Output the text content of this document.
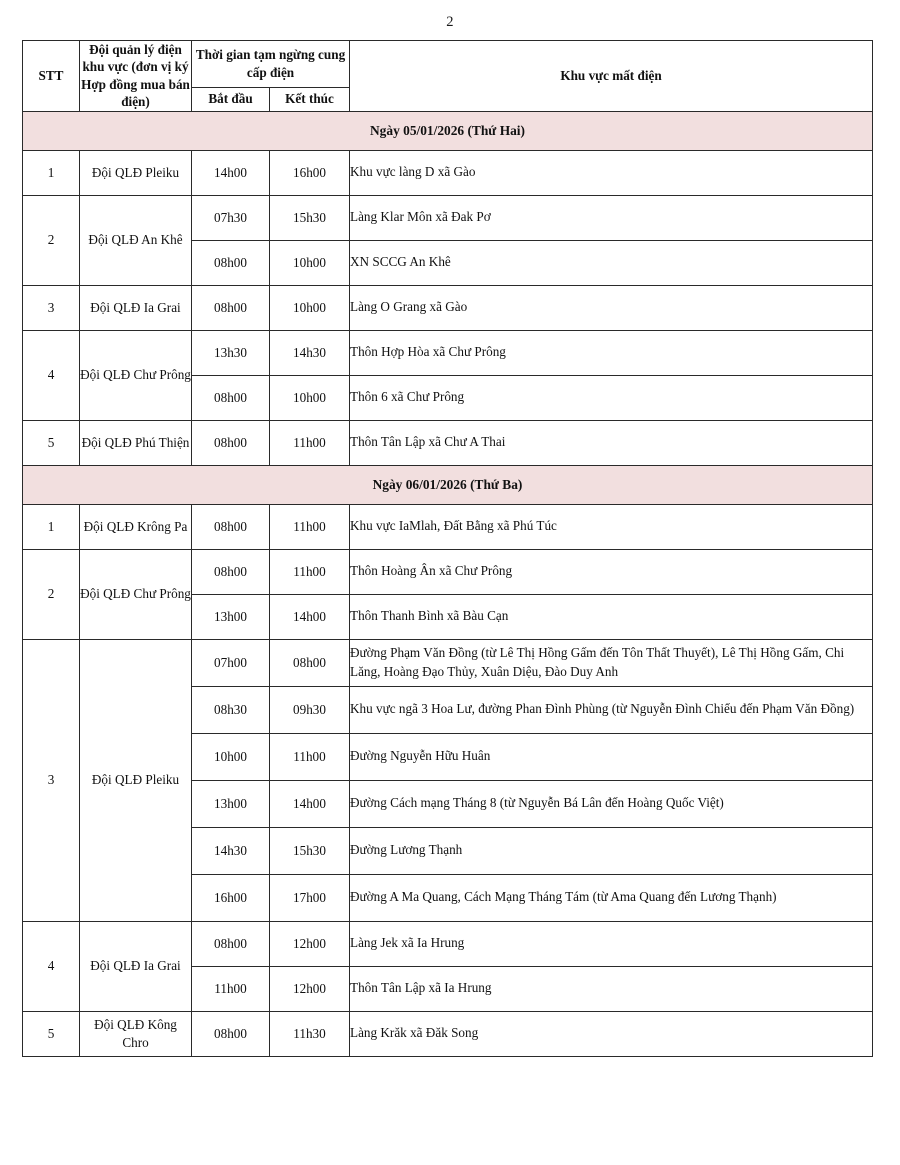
2
STT	Đội quản lý điện khu vực (đơn vị ký Hợp đồng mua bán điện)	Thời gian tạm ngừng cung cấp điện		Khu vực mất điện
		Bắt đầu	Kết thúc	
Ngày 05/01/2026 (Thứ Hai)				
1	Đội QLĐ Pleiku	14h00	16h00	Khu vực làng D xã Gào
2	Đội QLĐ An Khê	07h30	15h30	Làng Klar Môn xã Đak Pơ
		08h00	10h00	XN SCCG An Khê
3	Đội QLĐ Ia Grai	08h00	10h00	Làng O Grang xã Gào
4	Đội QLĐ Chư Prông	13h30	14h30	Thôn Hợp Hòa xã Chư Prông
		08h00	10h00	Thôn 6 xã Chư Prông
5	Đội QLĐ Phú Thiện	08h00	11h00	Thôn Tân Lập xã Chư A Thai
Ngày 06/01/2026 (Thứ Ba)				
1	Đội QLĐ Krông Pa	08h00	11h00	Khu vực IaMlah, Đất Bằng xã Phú Túc
2	Đội QLĐ Chư Prông	08h00	11h00	Thôn Hoàng Ân xã Chư Prông
		13h00	14h00	Thôn Thanh Bình xã Bàu Cạn
3	Đội QLĐ Pleiku	07h00	08h00	Đường Phạm Văn Đồng (từ Lê Thị Hồng Gấm đến Tôn Thất Thuyết), Lê Thị Hồng Gấm, Chi Lăng, Hoàng Đạo Thủy, Xuân Diệu, Đào Duy Anh
		08h30	09h30	Khu vực ngã 3 Hoa Lư, đường Phan Đình Phùng (từ Nguyễn Đình Chiểu đến Phạm Văn Đồng)
		10h00	11h00	Đường Nguyễn Hữu Huân
		13h00	14h00	Đường Cách mạng Tháng 8 (từ Nguyễn Bá Lân đến Hoàng Quốc Việt)
		14h30	15h30	Đường Lương Thạnh
		16h00	17h00	Đường A Ma Quang, Cách Mạng Tháng Tám (từ Ama Quang đến Lương Thạnh)
4	Đội QLĐ Ia Grai	08h00	12h00	Làng Jek xã Ia Hrung
		11h00	12h00	Thôn Tân Lập xã Ia Hrung
5	Đội QLĐ Kông Chro	08h00	11h30	Làng Krăk xã Đăk Song
